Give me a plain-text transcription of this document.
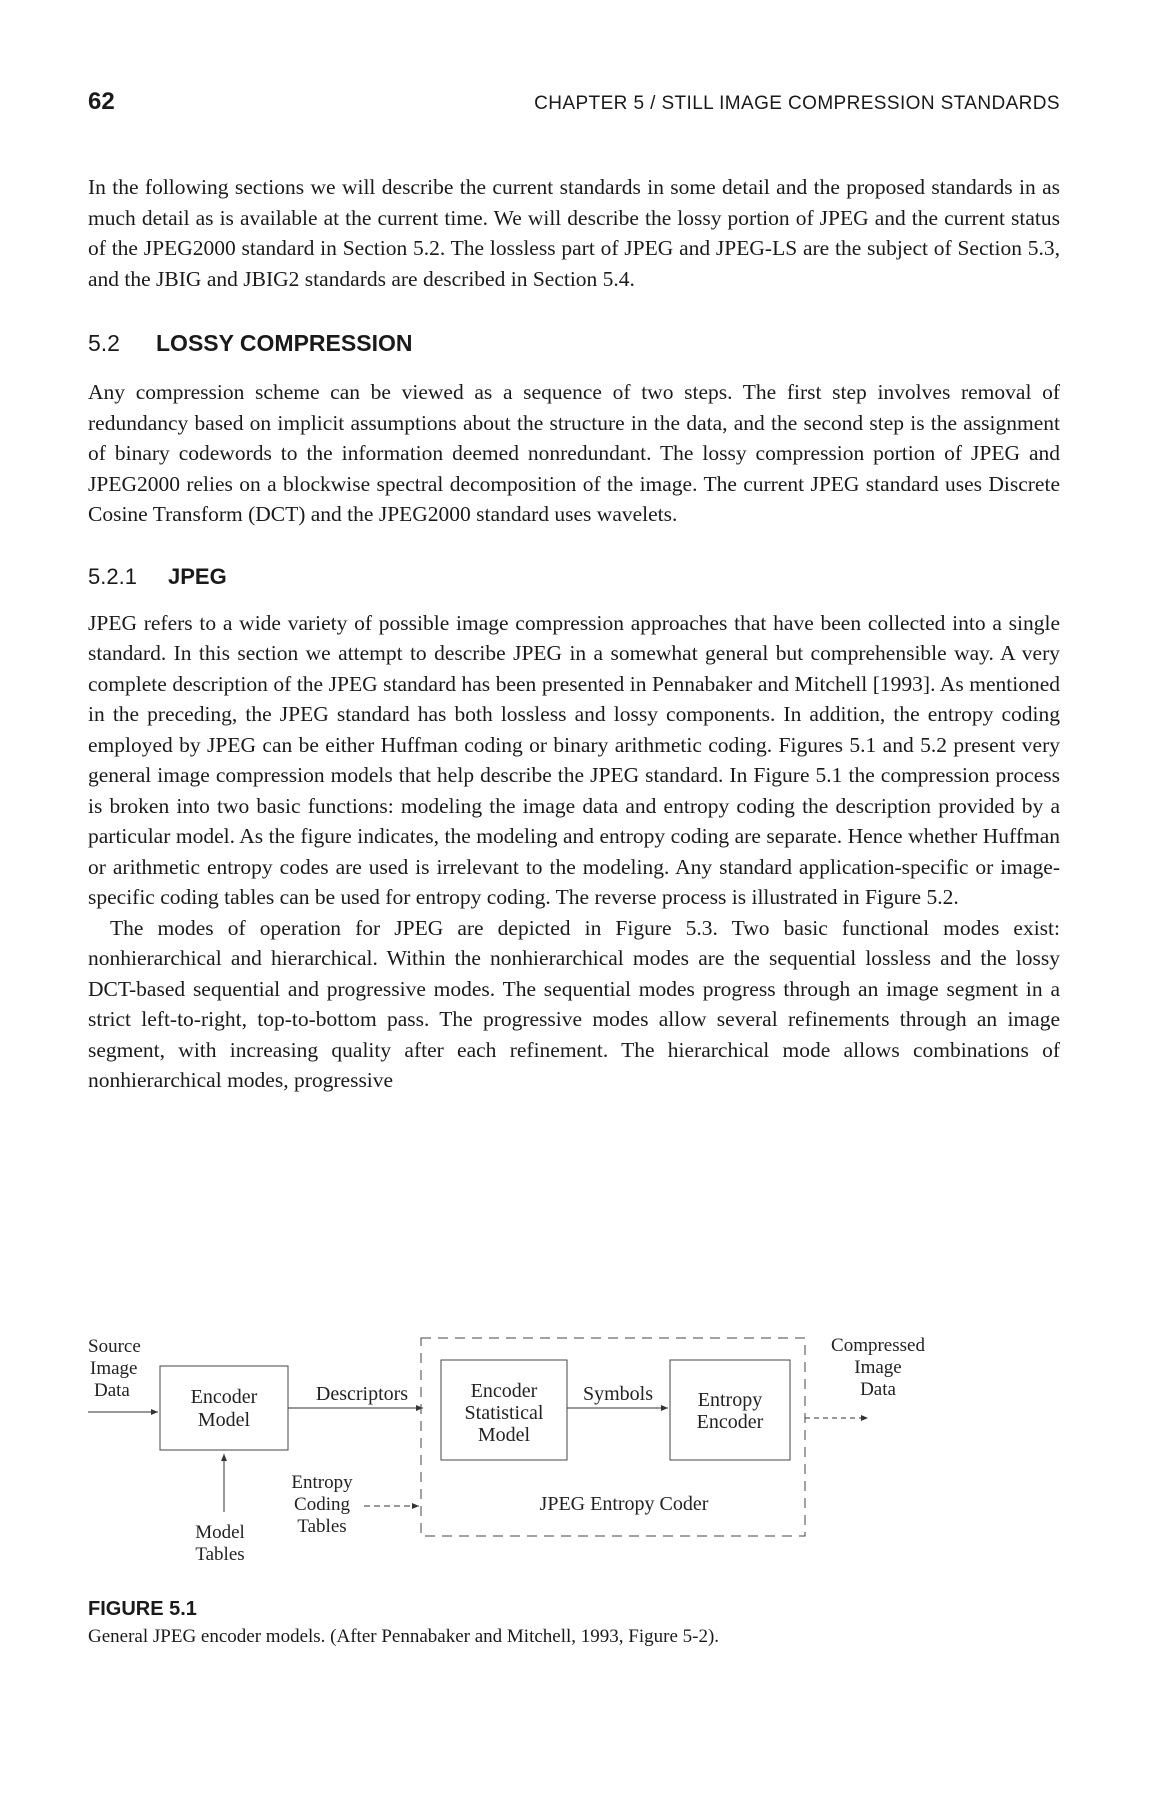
62	CHAPTER 5 / STILL IMAGE COMPRESSION STANDARDS

In the following sections we will describe the current standards in some detail and the proposed standards in as much detail as is available at the current time. We will describe the lossy portion of JPEG and the current status of the JPEG2000 standard in Section 5.2. The lossless part of JPEG and JPEG-LS are the subject of Section 5.3, and the JBIG and JBIG2 standards are described in Section 5.4.

5.2 LOSSY COMPRESSION

Any compression scheme can be viewed as a sequence of two steps. The first step involves removal of redundancy based on implicit assumptions about the structure in the data, and the second step is the assignment of binary codewords to the information deemed nonredundant. The lossy compression portion of JPEG and JPEG2000 relies on a blockwise spectral decomposition of the image. The current JPEG standard uses Discrete Cosine Transform (DCT) and the JPEG2000 standard uses wavelets.

5.2.1 JPEG

JPEG refers to a wide variety of possible image compression approaches that have been collected into a single standard. In this section we attempt to describe JPEG in a somewhat general but comprehensible way. A very complete description of the JPEG standard has been presented in Pennabaker and Mitchell [1993]. As mentioned in the preceding, the JPEG standard has both lossless and lossy components. In addition, the entropy coding employed by JPEG can be either Huffman coding or binary arithmetic coding. Figures 5.1 and 5.2 present very general image compression models that help describe the JPEG standard. In Figure 5.1 the compression process is broken into two basic functions: modeling the image data and entropy coding the description provided by a particular model. As the figure indicates, the modeling and entropy coding are separate. Hence whether Huffman or arithmetic entropy codes are used is irrelevant to the modeling. Any standard application-specific or image-specific coding tables can be used for entropy coding. The reverse process is illustrated in Figure 5.2.

The modes of operation for JPEG are depicted in Figure 5.3. Two basic functional modes exist: nonhierarchical and hierarchical. Within the nonhierarchical modes are the sequential lossless and the lossy DCT-based sequential and progressive modes. The sequential modes progress through an image segment in a strict left-to-right, top-to-bottom pass. The progressive modes allow several refinements through an image segment, with increasing quality after each refinement. The hierarchical mode allows combinations of nonhierarchical modes, progressive

Source
Image
Data	Encoder
Model
Descriptors	Encoder
Statistical
Model
Symbols Entropy
Encoder
Compressed
Image
Data
Model
Tables
Entropy
Coding
Tables
JPEG Entropy Coder
FIGURE 5.1
General JPEG encoder models. (After Pennabaker and Mitchell, 1993, Figure 5-2).
